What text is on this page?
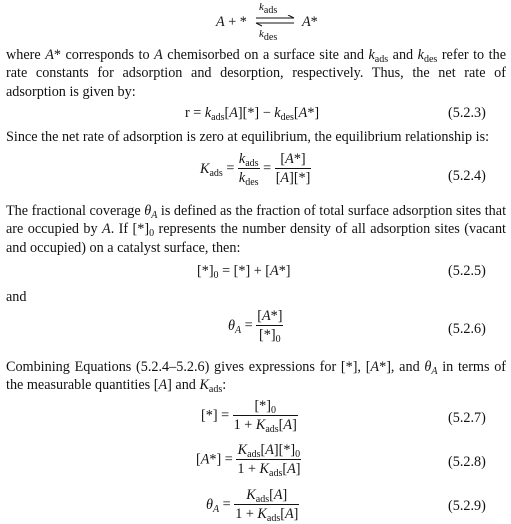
A + *
$k_{ads}$
$k_{des}$
A*
where A* corresponds to A chemisorbed on a surface site and $k_{ads}$ and $k_{des}$ refer to the rate constants for adsorption and desorption, respectively. Thus, the net rate of adsorption is given by:
$r = k_{ads}[A][*] - k_{des}[A*]$	(5.2.3)
Since the net rate of adsorption is zero at equilibrium, the equilibrium relationship is:
$K_{ads} = \frac{k_{ads}}{k_{des}} = \frac{[A*]}{[A][*]}$	(5.2.4)
The fractional coverage $\theta_A$ is defined as the fraction of total surface adsorption sites that are occupied by A. If $[*]_0$ represents the number density of all adsorption sites (vacant and occupied) on a catalyst surface, then:
$[*]_0$ = [*] + [A*]	(5.2.5)
and
$\theta_A = \frac{[A*]}{[*]_0}$	(5.2.6)
Combining Equations (5.2.4–5.2.6) gives expressions for [*], [A*], and $\theta_A$ in terms of the measurable quantities [A] and $K_{ads}$:
[*] = $\frac{[*]_0}{1 + K_{ads}[A]}$	(5.2.7)
$[A*] = \frac{K_{ads}[A][*]_0}{1 + K_{ads}[A]}$	(5.2.8)
$\theta_A = \frac{K_{ads}[A]}{1 + K_{ads}[A]}$	(5.2.9)
